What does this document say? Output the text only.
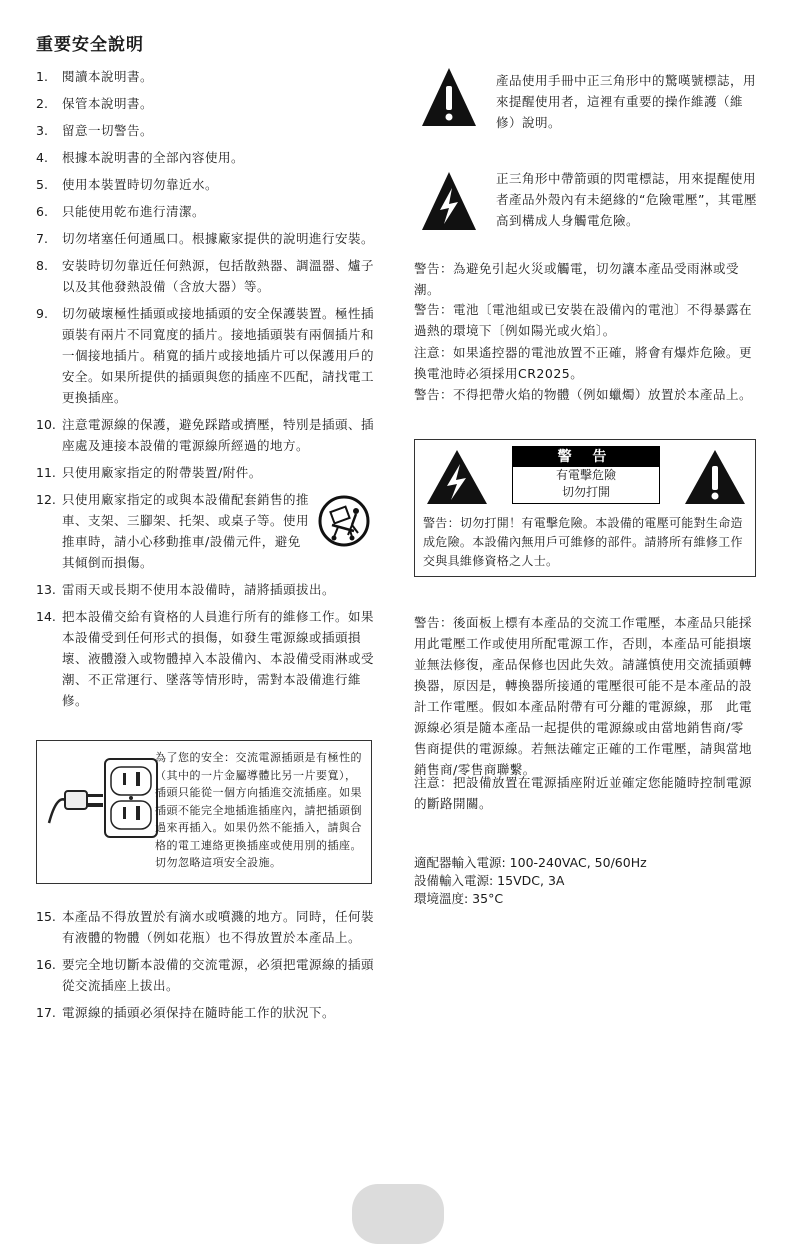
重要安全說明
1.	閱讀本說明書。
2.	保管本說明書。
3.	留意一切警告。
4.	根據本說明書的全部內容使用。
5.	使用本裝置時切勿靠近水。
6.	只能使用乾布進行清潔。
7.	切勿堵塞任何通風口。根據廠家提供的說明進行安裝。
8.	安裝時切勿靠近任何熱源，包括散熱器、調溫器、爐子以及其他發熱設備（含放大器）等。
9.	切勿破壞極性插頭或接地插頭的安全保護裝置。極性插頭裝有兩片不同寬度的插片。接地插頭裝有兩個插片和一個接地插片。稍寬的插片或接地插片可以保護用戶的安全。如果所提供的插頭與您的插座不匹配，請找電工更換插座。
10. 注意電源線的保護，避免踩踏或擠壓，特別是插頭、插座處及連接本設備的電源線所經過的地方。
11. 只使用廠家指定的附帶裝置/附件。
12. 只使用廠家指定的或與本設備配套銷售的推車、支架、三腳架、托架、或桌子等。使用推車時，請小心移動推車/設備元件，避免其傾倒而損傷。
13. 雷雨天或長期不使用本設備時，請將插頭拔出。
14. 把本設備交給有資格的人員進行所有的維修工作。如果本設備受到任何形式的損傷，如發生電源線或插頭損壞、液體潑入或物體掉入本設備內、本設備受雨淋或受潮、不正常運行、墜落等情形時，需對本設備進行維修。
為了您的安全：交流電源插頭是有極性的（其中的一片金屬導體比另一片要寬），插頭只能從一個方向插進交流插座。如果插頭不能完全地插進插座內，請把插頭倒過來再插入。如果仍然不能插入，請與合格的電工連絡更換插座或使用別的插座。切勿忽略這項安全設施。
15. 本產品不得放置於有滴水或噴濺的地方。同時，任何裝有液體的物體（例如花瓶）也不得放置於本產品上。
16. 要完全地切斷本設備的交流電源，必須把電源線的插頭從交流插座上拔出。
17. 電源線的插頭必須保持在隨時能工作的狀況下。
產品使用手冊中正三角形中的驚嘆號標誌，用來提醒使用者，這裡有重要的操作維護（維修）說明。
正三角形中帶箭頭的閃電標誌，用來提醒使用者產品外殼內有未絕緣的“危險電壓”，其電壓高到構成人身觸電危險。
警告：為避免引起火災或觸電，切勿讓本產品受雨淋或受潮。
警告：電池〔電池組或已安裝在設備內的電池〕不得暴露在過熱的環境下〔例如陽光或火焰〕。
注意：如果遙控器的電池放置不正確，將會有爆炸危險。更換電池時必須採用CR2025。
警告：不得把帶火焰的物體（例如蠟燭）放置於本產品上。
警 告
有電擊危險
切勿打開
警告：切勿打開！有電擊危險。本設備的電壓可能對生命造成危險。本設備內無用戶可維修的部件。請將所有維修工作交與具維修資格之人士。
警告：後面板上標有本產品的交流工作電壓，本產品只能採用此電壓工作或使用所配電源工作，否則，本產品可能損壞並無法修復，產品保修也因此失效。請謹慎使用交流插頭轉換器，原因是，轉換器所接通的電壓很可能不是本產品的設計工作電壓。假如本產品附帶有可分離的電源線，那　此電源線必須是隨本產品一起提供的電源線或由當地銷售商/零售商提供的電源線。若無法確定正確的工作電壓，請與當地銷售商/零售商聯繫。
注意：把設備放置在電源插座附近並確定您能隨時控制電源的斷路開關。
適配器輸入電源: 100-240VAC, 50/60Hz
設備輸入電源: 15VDC, 3A
環境溫度: 35°C
